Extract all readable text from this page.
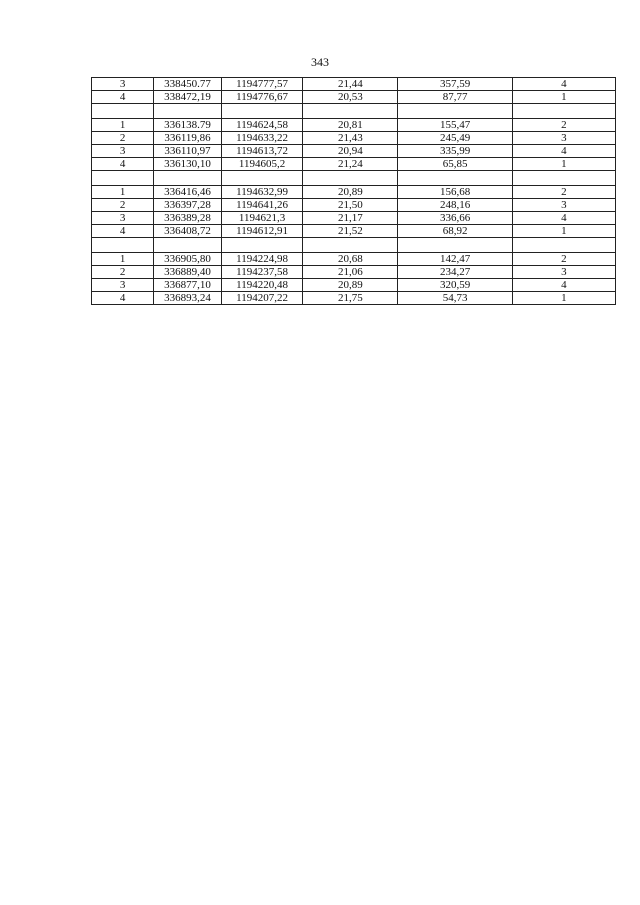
343
3	338450.77	1194777,57	21,44	357,59	4
4	338472,19	1194776,67	20,53	87,77	1

1	336138.79	1194624,58	20,81	155,47	2
2	336119,86	1194633,22	21,43	245,49	3
3	336110,97	1194613,72	20,94	335,99	4
4	336130,10	1194605,2	21,24	65,85	1

1	336416,46	1194632,99	20,89	156,68	2
2	336397,28	1194641,26	21,50	248,16	3
3	336389,28	1194621,3	21,17	336,66	4
4	336408,72	1194612,91	21,52	68,92	1

1	336905,80	1194224,98	20,68	142,47	2
2	336889,40	1194237,58	21,06	234,27	3
3	336877,10	1194220,48	20,89	320,59	4
4	336893,24	1194207,22	21,75	54,73	1
